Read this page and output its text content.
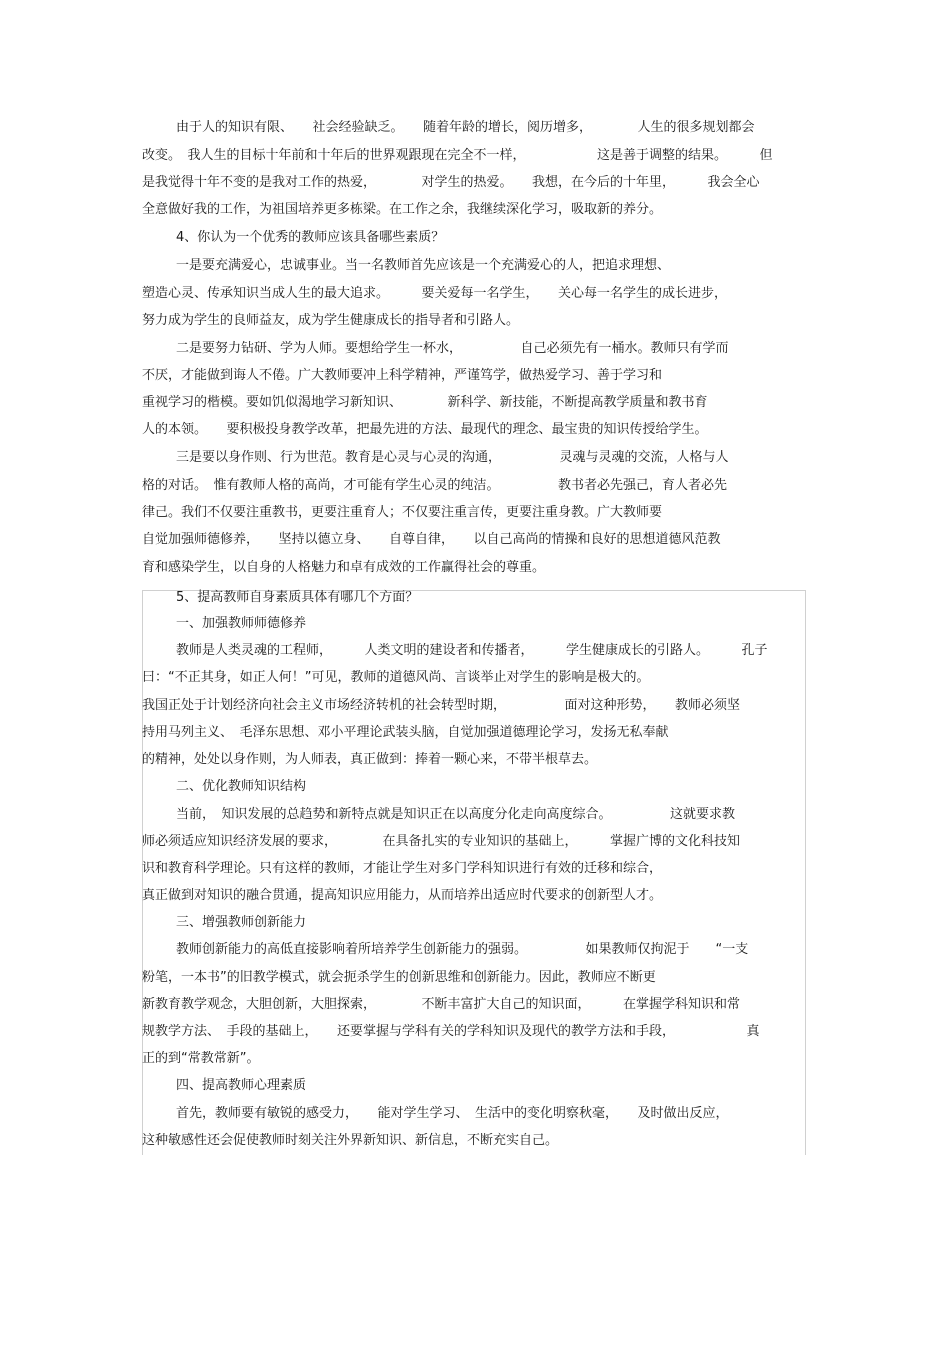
由于人的知识有限、　　社会经验缺乏。　　随着年龄的增长，阅历增多，　　　　人生的很多规划都会
改变。　我人生的目标十年前和十年后的世界观跟现在完全不一样，　　　　　　这是善于调整的结果。　　　但
是我觉得十年不变的是我对工作的热爱，　　　　对学生的热爱。　　我想，在今后的十年里，　　　我会全心
全意做好我的工作，为祖国培养更多栋梁。在工作之余，我继续深化学习，吸取新的养分。
4、你认为一个优秀的教师应该具备哪些素质？
一是要充满爱心，忠诚事业。当一名教师首先应该是一个充满爱心的人，把追求理想、
塑造心灵、传承知识当成人生的最大追求。　　　要关爱每一名学生，　　关心每一名学生的成长进步，
努力成为学生的良师益友，成为学生健康成长的指导者和引路人。
二是要努力钻研、学为人师。要想给学生一杯水，　　　　　自己必须先有一桶水。教师只有学而
不厌，才能做到诲人不倦。广大教师要冲上科学精神，严谨笃学，做热爱学习、善于学习和
重视学习的楷模。要如饥似渴地学习新知识、　　　　新科学、新技能，不断提高教学质量和教书育
人的本领。　　要积极投身教学改革，把最先进的方法、最现代的理念、最宝贵的知识传授给学生。
三是要以身作则、行为世范。教育是心灵与心灵的沟通，　　　　　灵魂与灵魂的交流，人格与人
格的对话。　惟有教师人格的高尚，才可能有学生心灵的纯洁。　　　　　教书者必先强己，育人者必先
律己。我们不仅要注重教书，更要注重育人；不仅要注重言传，更要注重身教。广大教师要
自觉加强师德修养，　　坚持以德立身、　　自尊自律，　　以自己高尚的情操和良好的思想道德风范教
育和感染学生，以自身的人格魅力和卓有成效的工作赢得社会的尊重。
5、提高教师自身素质具体有哪几个方面？
一、加强教师师德修养
教师是人类灵魂的工程师，　　　人类文明的建设者和传播者，　　　学生健康成长的引路人。　　　孔子
曰：“不正其身，如正人何！”可见，教师的道德风尚、言谈举止对学生的影响是极大的。
我国正处于计划经济向社会主义市场经济转机的社会转型时期，　　　　　面对这种形势，　　教师必须坚
持用马列主义、　毛泽东思想、邓小平理论武装头脑，自觉加强道德理论学习，发扬无私奉献
的精神，处处以身作则，为人师表，真正做到：捧着一颗心来，不带半根草去。
二、优化教师知识结构
当前，　知识发展的总趋势和新特点就是知识正在以高度分化走向高度综合。　　　　　这就要求教
师必须适应知识经济发展的要求，　　　　在具备扎实的专业知识的基础上，　　　掌握广博的文化科技知
识和教育科学理论。只有这样的教师，才能让学生对多门学科知识进行有效的迁移和综合，
真正做到对知识的融合贯通，提高知识应用能力，从而培养出适应时代要求的创新型人才。
三、增强教师创新能力
教师创新能力的高低直接影响着所培养学生创新能力的强弱。　　　　　如果教师仅拘泥于　　“一支
粉笔，一本书”的旧教学模式，就会扼杀学生的创新思维和创新能力。因此，教师应不断更
新教育教学观念，大胆创新，大胆探索，　　　　不断丰富扩大自己的知识面，　　　在掌握学科知识和常
规教学方法、　手段的基础上，　　还要掌握与学科有关的学科知识及现代的教学方法和手段，　　　　　　真
正的到“常教常新”。
四、提高教师心理素质
首先，教师要有敏锐的感受力，　　能对学生学习、　生活中的变化明察秋毫，　　及时做出反应，
这种敏感性还会促使教师时刻关注外界新知识、新信息，不断充实自己。
